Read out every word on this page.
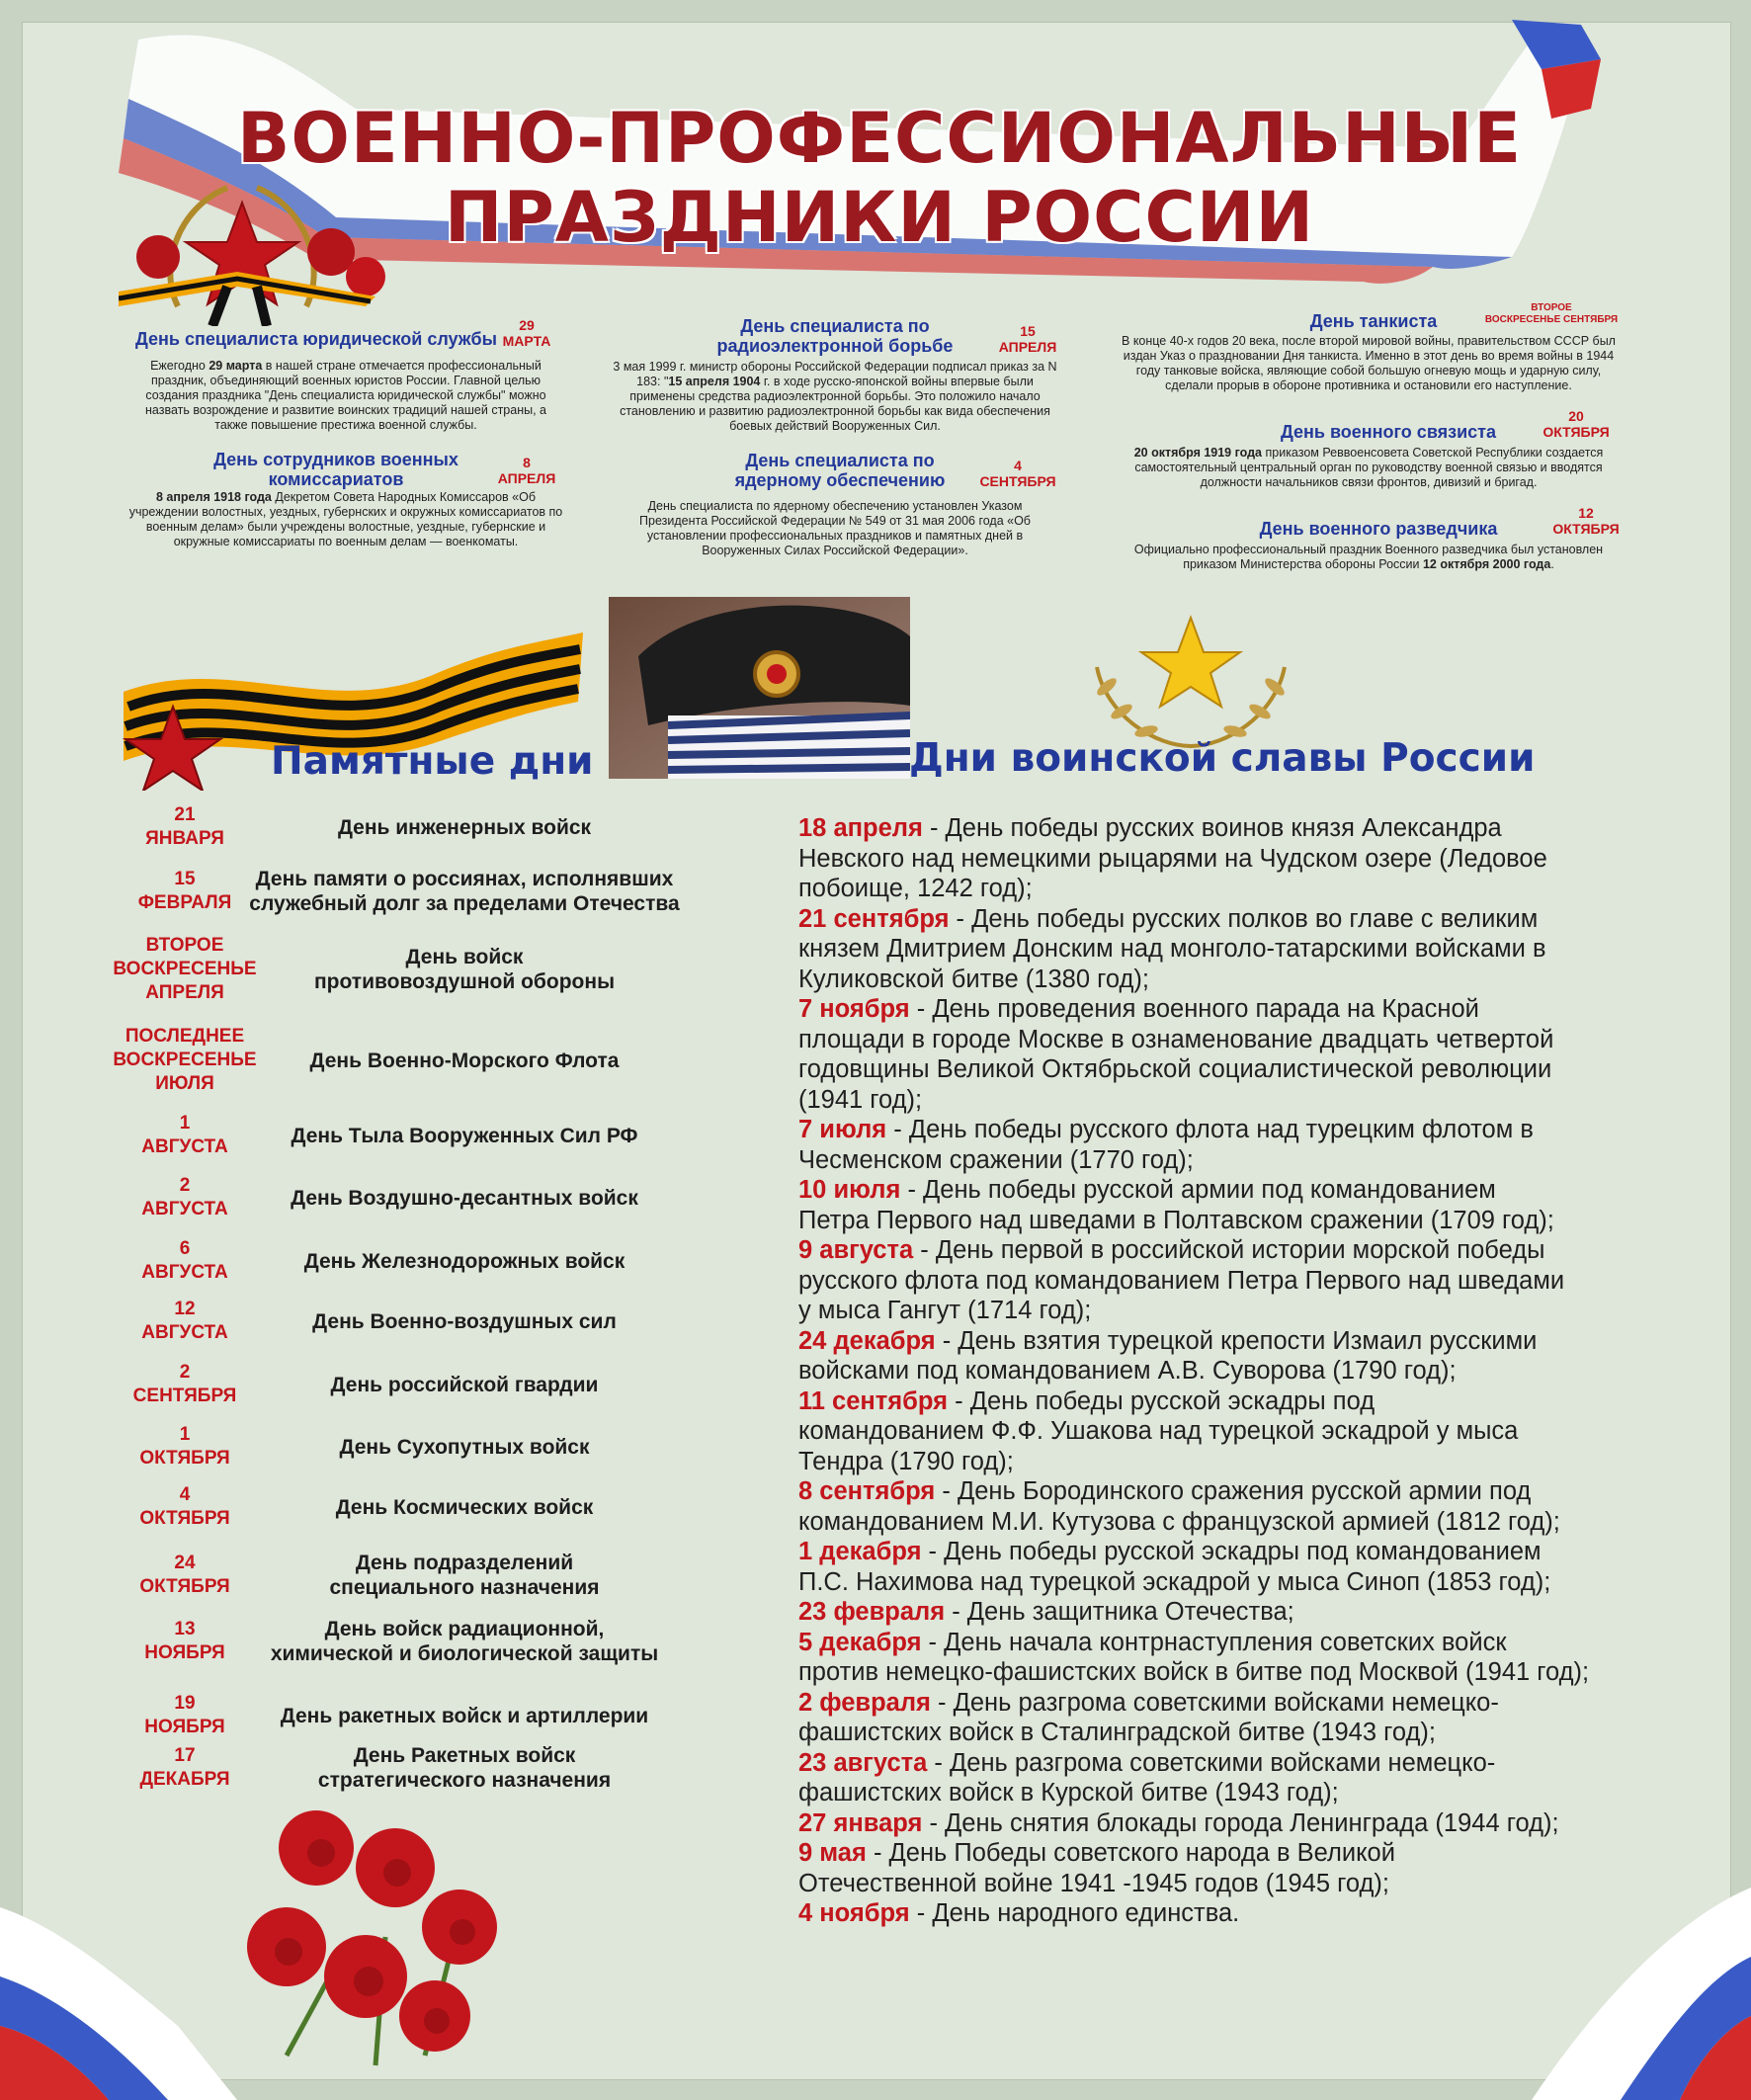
ВОЕННО-ПРОФЕССИОНАЛЬНЫЕ
ПРАЗДНИКИ РОССИИ
День специалиста юридической службы
29
МАРТА
Ежегодно 29 марта в нашей стране отмечается профессиональный праздник, объединяющий военных юристов России. Главной целью создания праздника "День специалиста юридической службы" можно назвать возрождение и развитие воинских традиций нашей страны, а также повышение престижа военной службы.
День сотрудников военных комиссариатов
8
АПРЕЛЯ
8 апреля 1918 года Декретом Совета Народных Комиссаров «Об учреждении волостных, уездных, губернских и окружных комиссариатов по военным делам» были учреждены волостные, уездные, губернские и окружные комиссариаты по военным делам — военкоматы.
День специалиста по радиоэлектронной борьбе
15
АПРЕЛЯ
3 мая 1999 г. министр обороны Российской Федерации подписал приказ за N 183: "15 апреля 1904 г. в ходе русско-японской войны впервые были применены средства радиоэлектронной борьбы. Это положило начало становлению и развитию радиоэлектронной борьбы как вида обеспечения боевых действий Вооруженных Сил.
День специалиста по ядерному обеспечению
4
СЕНТЯБРЯ
День специалиста по ядерному обеспечению установлен Указом Президента Российской Федерации № 549 от 31 мая 2006 года «Об установлении профессиональных праздников и памятных дней в Вооруженных Силах Российской Федерации».
День танкиста
ВТОРОЕ
ВОСКРЕСЕНЬЕ СЕНТЯБРЯ
В конце 40-х годов 20 века, после второй мировой войны, правительством СССР был издан Указ о праздновании Дня танкиста. Именно в этот день во время войны в 1944 году танковые войска, являющие собой большую огневую мощь и ударную силу, сделали прорыв в обороне противника и остановили его наступление.
День военного связиста
20
ОКТЯБРЯ
20 октября 1919 года приказом Реввоенсовета Советской Республики создается самостоятельный центральный орган по руководству военной связью и вводятся должности начальников связи фронтов, дивизий и бригад.
День военного разведчика
12
ОКТЯБРЯ
Официально профессиональный праздник Военного разведчика был установлен приказом Министерства обороны России 12 октября 2000 года.
Памятные дни	Дни воинской славы России
21
ЯНВАРЯ	День инженерных войск
15
ФЕВРАЛЯ
День памяти о россиянах, исполнявших
служебный долг за пределами Отечества
ВТОРОЕ
ВОСКРЕСЕНЬЕ
АПРЕЛЯ
День войск
противовоздушной обороны
ПОСЛЕДНЕЕ
ВОСКРЕСЕНЬЕ
ИЮЛЯ
День Военно-Морского Флота
1
АВГУСТА	День Тыла Вооруженных Сил РФ
2
АВГУСТА	День Воздушно-десантных войск
6
АВГУСТА	День Железнодорожных войск
12
АВГУСТА	День Военно-воздушных сил
2
СЕНТЯБРЯ	День российской гвардии
1
ОКТЯБРЯ	День Сухопутных войск
4
ОКТЯБРЯ	День Космических войск
24
ОКТЯБРЯ
День подразделений
специального назначения
13
НОЯБРЯ
День войск радиационной,
химической и биологической защиты
19
НОЯБРЯ	День ракетных войск и артиллерии
17
ДЕКАБРЯ
День Ракетных войск
стратегического назначения

18 апреля - День победы русских воинов князя Александра
Невского над немецкими рыцарями на Чудском озере (Ледовое
побоище, 1242 год);

21 сентября - День победы русских полков во главе с великим
князем Дмитрием Донским над монголо-татарскими войсками в
Куликовской битве (1380 год);

7 ноября - День проведения военного парада на Красной
площади в городе Москве в ознаменование двадцать четвертой
годовщины Великой Октябрьской социалистической революции
(1941 год);

7 июля - День победы русского флота над турецким флотом в
Чесменском сражении (1770 год);

10 июля - День победы русской армии под командованием
Петра Первого над шведами в Полтавском сражении (1709 год);

9 августа - День первой в российской истории морской победы
русского флота под командованием Петра Первого над шведами
у мыса Гангут (1714 год);

24 декабря - День взятия турецкой крепости Измаил русскими
войсками под командованием А.В. Суворова (1790 год);

11 сентября - День победы русской эскадры под
командованием Ф.Ф. Ушакова над турецкой эскадрой у мыса
Тендра (1790 год);

8 сентября - День Бородинского сражения русской армии под
командованием М.И. Кутузова с французской армией (1812 год);

1 декабря - День победы русской эскадры под командованием
П.С. Нахимова над турецкой эскадрой у мыса Синоп (1853 год);

23 февраля - День защитника Отечества;

5 декабря - День начала контрнаступления советских войск
против немецко-фашистских войск в битве под Москвой (1941 год);

2 февраля - День разгрома советскими войсками немецко-
фашистских войск в Сталинградской битве (1943 год);

23 августа - День разгрома советскими войсками немецко-
фашистских войск в Курской битве (1943 год);

27 января - День снятия блокады города Ленинграда (1944 год);

9 мая - День Победы советского народа в Великой
Отечественной войне 1941 -1945 годов (1945 год);

4 ноября - День народного единства.
